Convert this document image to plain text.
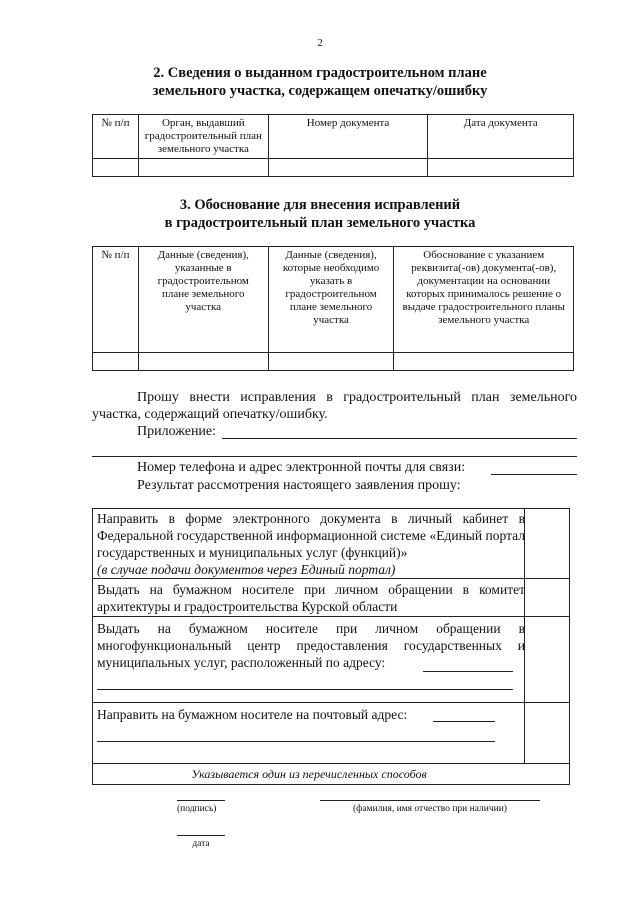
2
2. Сведения о выданном градостроительном плане
земельного участка, содержащем опечатку/ошибку
№ п/п	Орган, выдавший градостроительный план земельного участка	Номер документа	Дата документа

3. Обоснование для внесения исправлений
в градостроительный план земельного участка
№ п/п	Данные (сведения), указанные в градостроительном плане земельного участка	Данные (сведения), которые необходимо указать в градостроительном плане земельного участка	Обоснование с указанием реквизита(-ов) документа(-ов), документации на основании которых принималось решение о выдаче градостроительного планы земельного участка

Прошу внести исправления в градостроительный план земельного
участка, содержащий опечатку/ошибку.
Приложение:
Номер телефона и адрес электронной почты для связи:
Результат рассмотрения настоящего заявления прошу:
Направить в форме электронного документа в личный кабинет в Федеральной государственной информационной системе «Единый портал государственных и муниципальных услуг (функций)»
(в случае подачи документов через Единый портал)
Выдать на бумажном носителе при личном обращении в комитет архитектуры и градостроительства Курской области
Выдать на бумажном носителе при личном обращении в многофункциональный центр предоставления государственных и муниципальных услуг, расположенный по адресу:
Направить на бумажном носителе на почтовый адрес:
Указывается один из перечисленных способов
(подпись)	(фамилия, имя отчество при наличии)
дата
